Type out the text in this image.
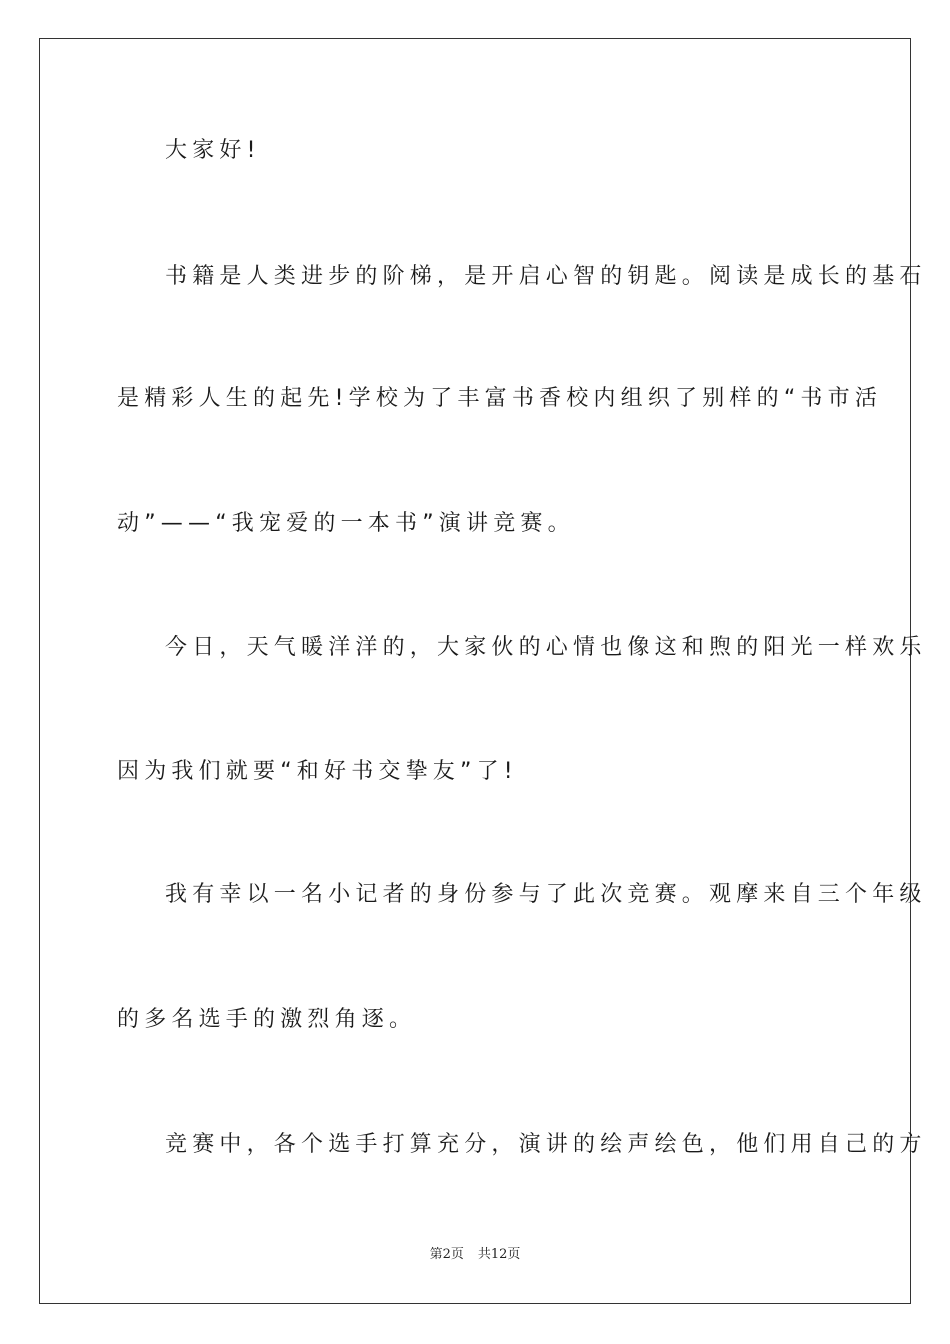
大家好!
书籍是人类进步的阶梯，是开启心智的钥匙。阅读是成长的基石
是精彩人生的起先!学校为了丰富书香校内组织了别样的“书市活
动”——“我宠爱的一本书”演讲竞赛。
今日，天气暖洋洋的，大家伙的心情也像这和煦的阳光一样欢乐
因为我们就要“和好书交挚友”了!
我有幸以一名小记者的身份参与了此次竞赛。观摩来自三个年级
的多名选手的激烈角逐。
竞赛中，各个选手打算充分，演讲的绘声绘色，他们用自己的方
第2页 共12页
